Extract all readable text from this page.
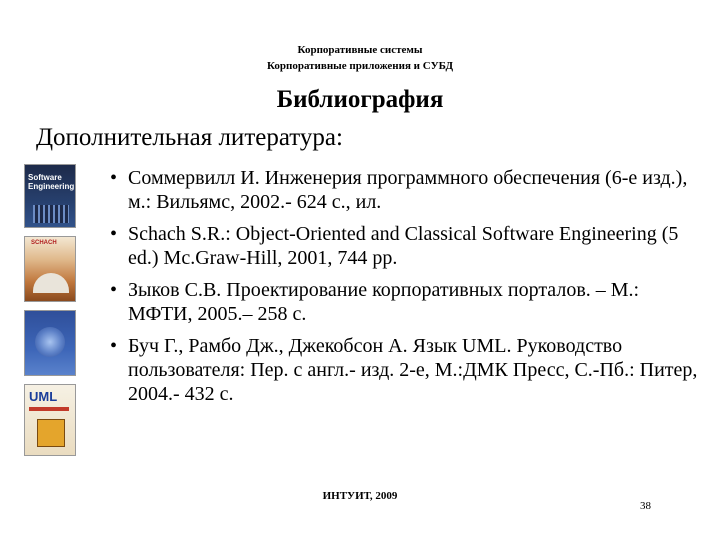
Корпоративные системы
Корпоративные приложения и СУБД
Библиография
Дополнительная литература:
Software Engineering
SCHACH
UML
• Соммервилл И. Инженерия программного обеспечения (6-е изд.), м.: Вильямс, 2002.- 624 с., ил.
• Schach S.R.: Object-Oriented and Classical Software Engineering (5 ed.) Mc.Graw-Hill, 2001, 744 pp.
• Зыков С.В. Проектирование корпоративных порталов. – М.: МФТИ, 2005.– 258 с.
• Буч Г., Рамбо Дж., Джекобсон А. Язык UML. Руководство пользователя: Пер. с англ.- изд. 2-е, М.:ДМК Пресс, С.-Пб.: Питер, 2004.- 432 с.
ИНТУИТ, 2009
38
